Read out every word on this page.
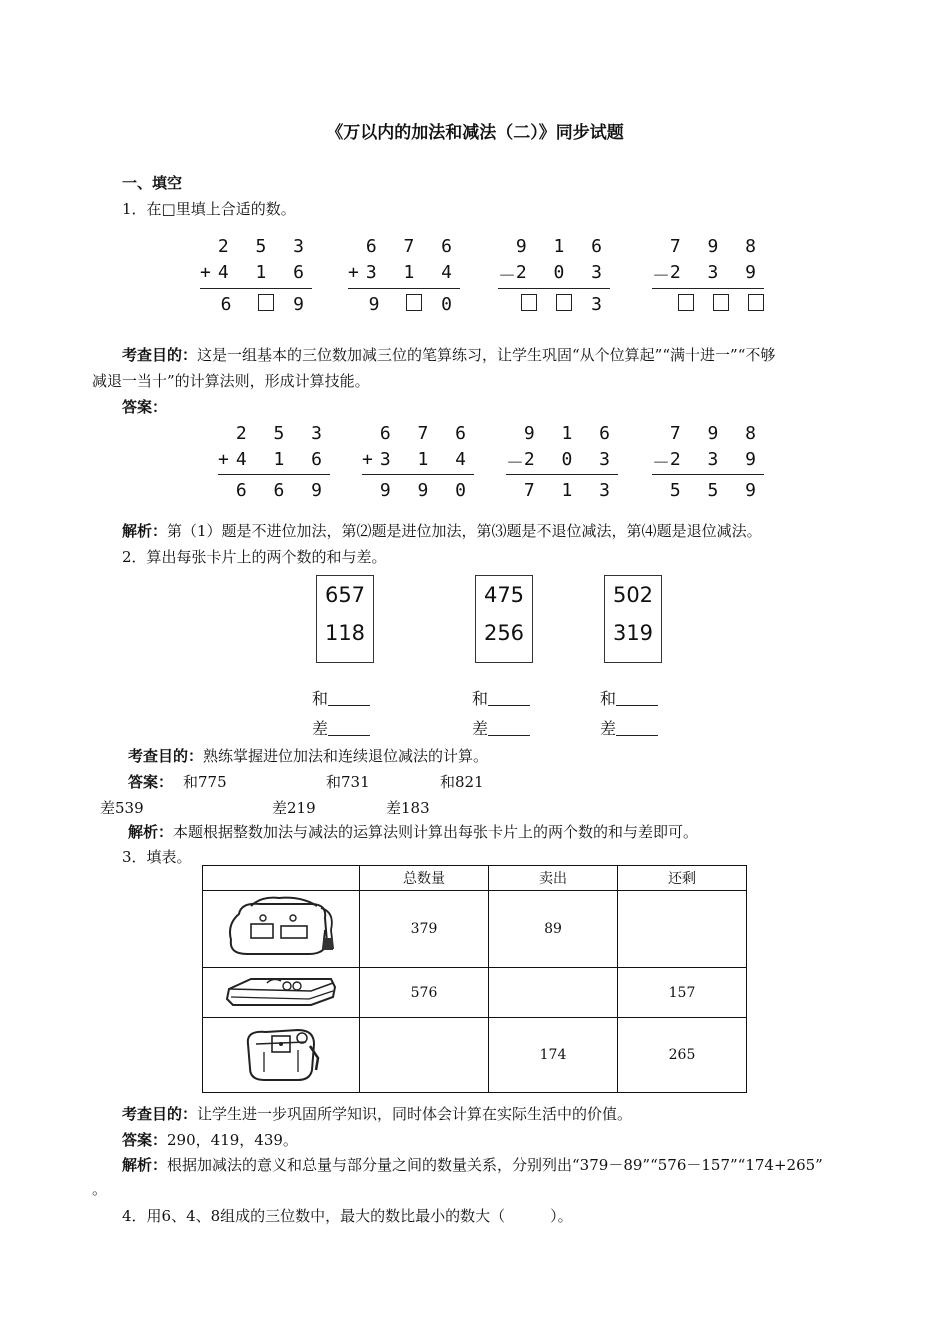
《万以内的加法和减法（二）》同步试题
一、填空
1．在□里填上合适的数。
2 5 3
+ 4 1 6
6	9
6 7 6
+ 3 1 4
9	0
9 1 6
－ 2 0 3
3
7 9 8
－ 2 3 9

考查目的：这是一组基本的三位数加减三位的笔算练习，让学生巩固“从个位算起”“满十进一”“不够
减退一当十”的计算法则，形成计算技能。
答案：
2 5 3
+ 4 1 6
6 6 9
6 7 6
+ 3 1 4
9 9 0
9 1 6
－ 2 0 3
7 1 3
7 9 8
－ 2 3 9
5 5 9
解析：第（1）题是不进位加法，第⑵题是进位加法，第⑶题是不退位减法，第⑷题是退位减法。
2．算出每张卡片上的两个数的和与差。
657
118
475
256
502
319
和	和	和
差	差	差
考查目的：熟练掌握进位加法和连续退位减法的计算。
答案： 和775	和731	和821
差539	差219	差183
解析：本题根据整数加法与减法的运算法则计算出每张卡片上的两个数的和与差即可。
3．填表。
	总数量	卖出	还剩
	379	89	
	576		157
		174	265
考查目的：让学生进一步巩固所学知识，同时体会计算在实际生活中的价值。
答案：290，419，439。
解析：根据加减法的意义和总量与部分量之间的数量关系，分别列出“379－89”“576－157”“174+265”
。
4．用6、4、8组成的三位数中，最大的数比最小的数大（　　　）。
